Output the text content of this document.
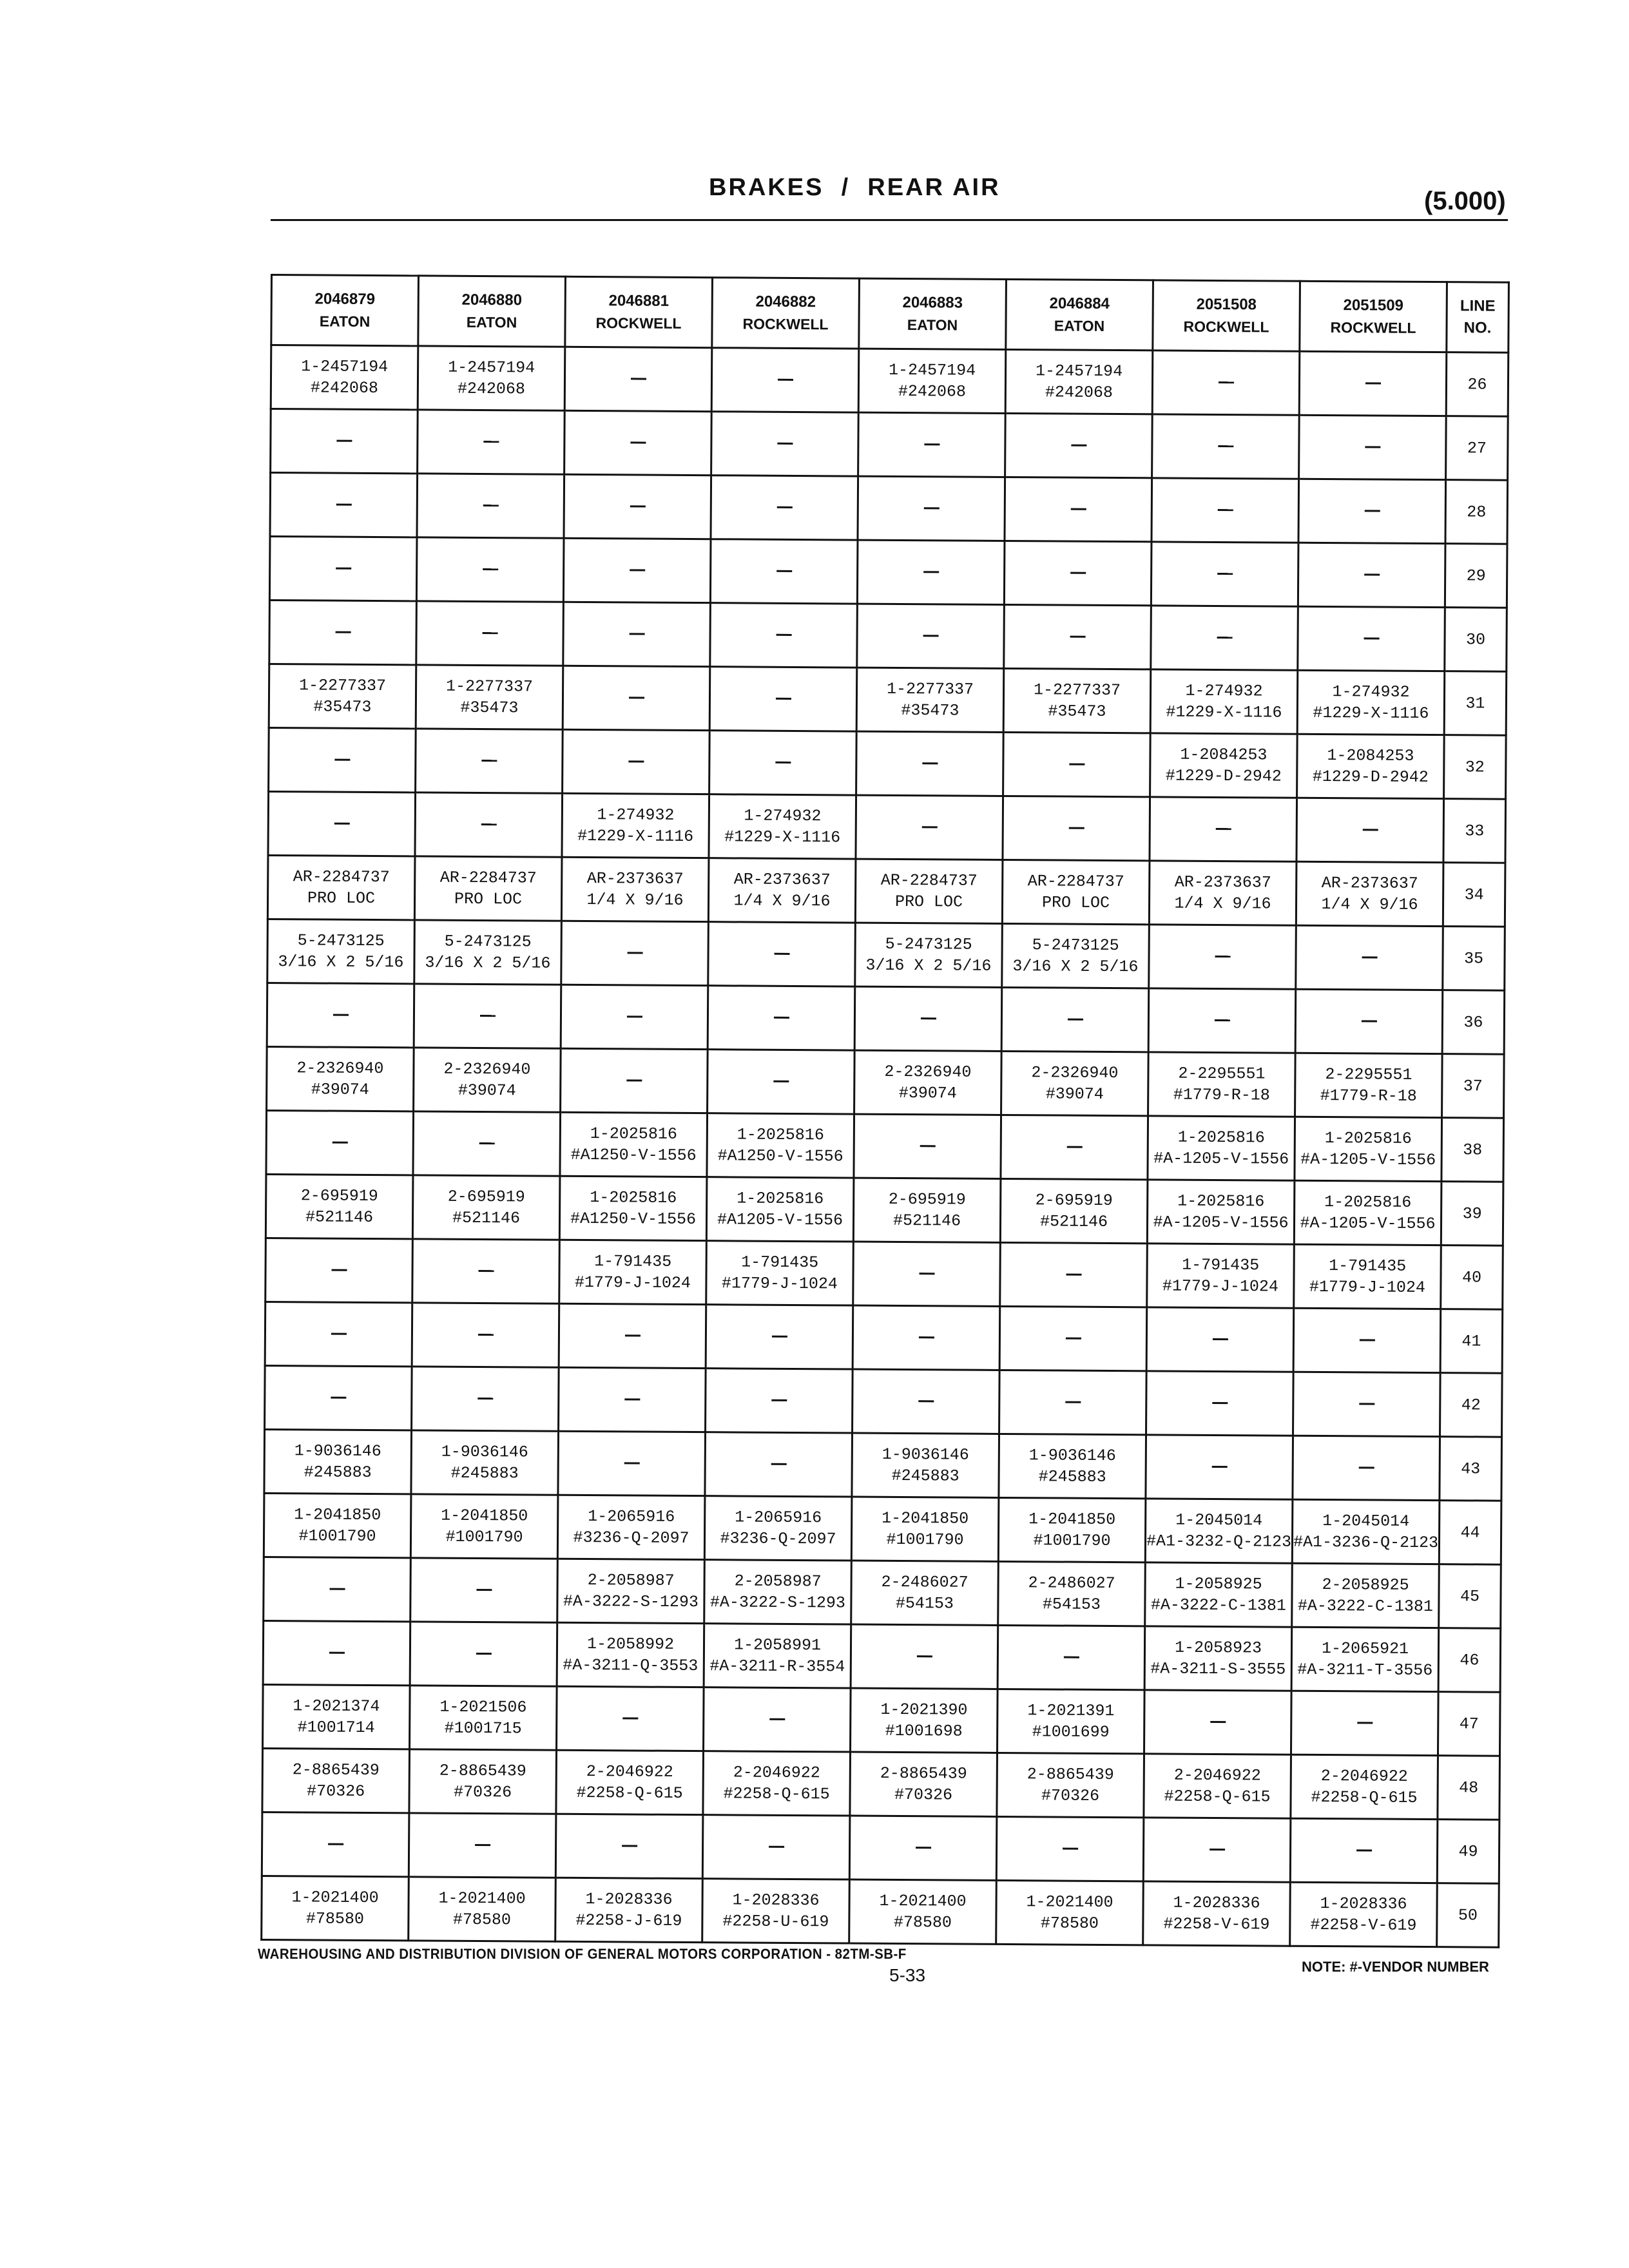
BRAKES  /  REAR AIR	(5.000)
2046879
EATON	2046880
EATON	2046881
ROCKWELL	2046882
ROCKWELL	2046883
EATON	2046884
EATON	2051508
ROCKWELL	2051509
ROCKWELL	LINE
NO.

1-2457194
#242068	1-2457194
#242068			1-2457194
#242068	1-2457194
#242068			26
								27
								28
								29
								30

1-2277337
#35473	1-2277337
#35473			1-2277337
#35473	1-2277337
#35473	1-274932
#1229-X-1116	1-274932
#1229-X-1116	31

						1-2084253
#1229-D-2942	1-2084253
#1229-D-2942	32

		1-274932
#1229-X-1116	1-274932
#1229-X-1116					33

AR-2284737
PRO LOC	AR-2284737
PRO LOC	AR-2373637
1/4 X 9/16	AR-2373637
1/4 X 9/16	AR-2284737
PRO LOC	AR-2284737
PRO LOC	AR-2373637
1/4 X 9/16	AR-2373637
1/4 X 9/16	34

5-2473125
3/16 X 2 5/16	5-2473125
3/16 X 2 5/16			5-2473125
3/16 X 2 5/16	5-2473125
3/16 X 2 5/16			35
								36

2-2326940
#39074	2-2326940
#39074			2-2326940
#39074	2-2326940
#39074	2-2295551
#1779-R-18	2-2295551
#1779-R-18	37

		1-2025816
#A1250-V-1556	1-2025816
#A1250-V-1556			1-2025816
#A-1205-V-1556	1-2025816
#A-1205-V-1556	38

2-695919
#521146	2-695919
#521146	1-2025816
#A1250-V-1556	1-2025816
#A1205-V-1556	2-695919
#521146	2-695919
#521146	1-2025816
#A-1205-V-1556	1-2025816
#A-1205-V-1556	39

		1-791435
#1779-J-1024	1-791435
#1779-J-1024			1-791435
#1779-J-1024	1-791435
#1779-J-1024	40
								41
								42

1-9036146
#245883	1-9036146
#245883			1-9036146
#245883	1-9036146
#245883			43

1-2041850
#1001790	1-2041850
#1001790	1-2065916
#3236-Q-2097	1-2065916
#3236-Q-2097	1-2041850
#1001790	1-2041850
#1001790	1-2045014
#A1-3232-Q-2123	1-2045014
#A1-3236-Q-2123	44

		2-2058987
#A-3222-S-1293	2-2058987
#A-3222-S-1293	2-2486027
#54153	2-2486027
#54153	1-2058925
#A-3222-C-1381	2-2058925
#A-3222-C-1381	45

		1-2058992
#A-3211-Q-3553	1-2058991
#A-3211-R-3554			1-2058923
#A-3211-S-3555	1-2065921
#A-3211-T-3556	46

1-2021374
#1001714	1-2021506
#1001715			1-2021390
#1001698	1-2021391
#1001699			47

2-8865439
#70326	2-8865439
#70326	2-2046922
#2258-Q-615	2-2046922
#2258-Q-615	2-8865439
#70326	2-8865439
#70326	2-2046922
#2258-Q-615	2-2046922
#2258-Q-615	48
								49

1-2021400
#78580	1-2021400
#78580	1-2028336
#2258-J-619	1-2028336
#2258-U-619	1-2021400
#78580	1-2021400
#78580	1-2028336
#2258-V-619	1-2028336
#2258-V-619	50
WAREHOUSING AND DISTRIBUTION DIVISION OF GENERAL MOTORS CORPORATION - 82TM-SB-F
NOTE: #-VENDOR NUMBER
5-33
